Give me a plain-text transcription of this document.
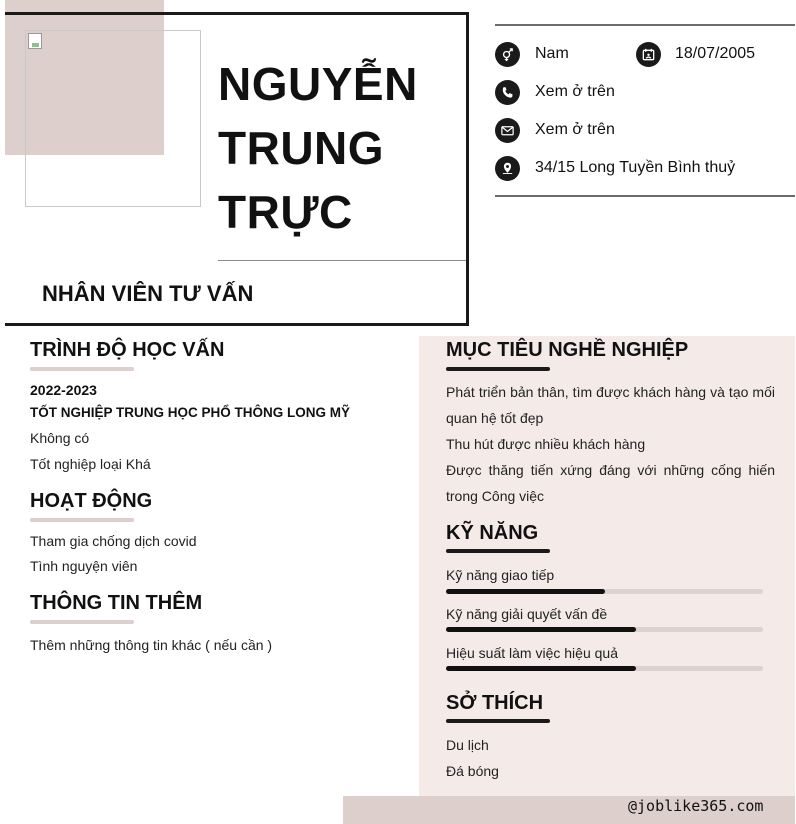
NGUYỄN
TRUNG
TRỰC
NHÂN VIÊN TƯ VẤN
Nam	18/07/2005
Xem ở trên
Xem ở trên
34/15 Long Tuyền Bình thuỷ
TRÌNH ĐỘ HỌC VẤN
2022-2023
TỐT NGHIỆP TRUNG HỌC PHỔ THÔNG LONG MỸ
Không có
Tốt nghiệp loại Khá
HOẠT ĐỘNG
Tham gia chống dịch covid
Tình nguyện viên
THÔNG TIN THÊM
Thêm những thông tin khác ( nếu cần )
MỤC TIÊU NGHỀ NGHIỆP
Phát triển bản thân, tìm được khách hàng và tạo mối quan hệ tốt đẹp
Thu hút được nhiều khách hàng
Được thăng tiến xứng đáng với những cống hiến trong Công việc
KỸ NĂNG
Kỹ năng giao tiếp
Kỹ năng giải quyết vấn đề
Hiệu suất làm việc hiệu quả
SỞ THÍCH
Du lịch
Đá bóng
@joblike365.com
